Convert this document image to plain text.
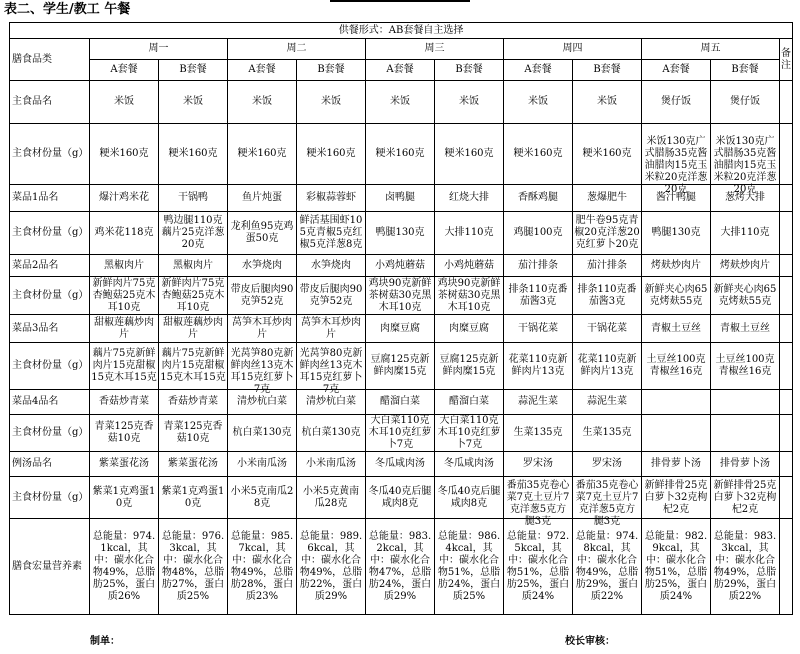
表二、学生/教工 午餐
供餐形式：AB套餐自主选择											
膳食品类	周一		周二		周三		周四		周五		备注
	A套餐	B套餐	A套餐	B套餐	A套餐	B套餐	A套餐	B套餐	A套餐	B套餐	
主食品名	米饭	米饭	米饭	米饭	米饭	米饭	米饭	米饭	煲仔饭	煲仔饭	

主食材份量（g）	粳米160克	粳米160克	粳米160克	粳米160克	粳米160克	粳米160克	粳米160克	粳米160克	米饭130克广式腊肠35克酱油腊肉15克玉米粒20克洋葱20克	米饭130克广式腊肠35克酱油腊肉15克玉米粒20克洋葱20克	

菜品1品名	爆汁鸡米花	干锅鸭	鱼片炖蛋	彩椒蒜蓉虾	卤鸭腿	红烧大排	香酥鸡腿	葱爆肥牛	酱汁鸭腿	葱烤大排	

主食材份量（g）	鸡米花118克	鸭边腿110克藕片25克洋葱20克	龙利鱼95克鸡蛋50克	鲜活基围虾105克青椒5克红椒5克洋葱8克	鸭腿130克	大排110克	鸡腿100克	肥牛卷95克青椒20克洋葱20克红萝卜20克	鸭腿130克	大排110克	

菜品2品名	黑椒肉片	黑椒肉片	水笋烧肉	水笋烧肉	小鸡炖蘑菇	小鸡炖蘑菇	茄汁排条	茄汁排条	烤麸炒肉片	烤麸炒肉片	

主食材份量（g）	新鲜肉片75克杏鲍菇25克木耳10克	新鲜肉片75克杏鲍菇25克木耳10克	带皮后腿肉90克笋52克	带皮后腿肉90克笋52克	鸡块90克新鲜茶树菇30克黑木耳10克	鸡块90克新鲜茶树菇30克黑木耳10克	排条110克番茄酱3克	排条110克番茄酱3克	新鲜夹心肉65克烤麸55克	新鲜夹心肉65克烤麸55克	

菜品3品名	甜椒莲藕炒肉片	甜椒莲藕炒肉片	莴笋木耳炒肉片	莴笋木耳炒肉片	肉糜豆腐	肉糜豆腐	干锅花菜	干锅花菜	青椒土豆丝	青椒土豆丝	

主食材份量（g）	藕片75克新鲜肉片15克甜椒15克木耳15克	藕片75克新鲜肉片15克甜椒15克木耳15克	光莴笋80克新鲜肉丝13克木耳15克红萝卜7克	光莴笋80克新鲜肉丝13克木耳15克红萝卜7克	豆腐125克新鲜肉糜15克	豆腐125克新鲜肉糜15克	花菜110克新鲜肉片13克	花菜110克新鲜肉片13克	土豆丝100克青椒丝16克	土豆丝100克青椒丝16克	

菜品4品名	香菇炒青菜	香菇炒青菜	清炒杭白菜	清炒杭白菜	醋溜白菜	醋溜白菜	蒜泥生菜	蒜泥生菜			

主食材份量（g）	青菜125克香菇10克	青菜125克香菇10克	杭白菜130克	杭白菜130克	大白菜110克木耳10克红萝卜7克	大白菜110克木耳10克红萝卜7克	生菜135克	生菜135克			

例汤品名	紫菜蛋花汤	紫菜蛋花汤	小米南瓜汤	小米南瓜汤	冬瓜咸肉汤	冬瓜咸肉汤	罗宋汤	罗宋汤	排骨萝卜汤	排骨萝卜汤	

主食材份量（g）	紫菜1克鸡蛋10克	紫菜1克鸡蛋10克	小米5克南瓜28克	小米5克黄南瓜28克	冬瓜40克后腿咸肉8克	冬瓜40克后腿咸肉8克	番茄35克卷心菜7克土豆片7克洋葱5克方腿3克	番茄35克卷心菜7克土豆片7克洋葱5克方腿3克	新鲜排骨25克白萝卜32克枸杞2克	新鲜排骨25克白萝卜32克枸杞2克	

膳食宏量营养素	总能量：974.1kcal，其中：碳水化合物49%，总脂肪25%，蛋白质26%	总能量：976.3kcal，其中：碳水化合物48%，总脂肪27%，蛋白质25%	总能量：985.7kcal，其中：碳水化合物49%，总脂肪28%，蛋白质23%	总能量：989.6kcal，其中：碳水化合物49%，总脂肪22%，蛋白质29%	总能量：983.2kcal，其中：碳水化合物47%，总脂肪24%，蛋白质29%	总能量：986.4kcal，其中：碳水化合物51%，总脂肪24%，蛋白质25%	总能量：972.5kcal，其中：碳水化合物51%，总脂肪25%，蛋白质24%	总能量：974.8kcal，其中：碳水化合物49%，总脂肪29%，蛋白质22%	总能量：982.9kcal，其中：碳水化合物51%，总脂肪25%，蛋白质24%	总能量：983.3kcal，其中：碳水化合物49%，总脂肪29%，蛋白质22%	

制单：	校长审核：
